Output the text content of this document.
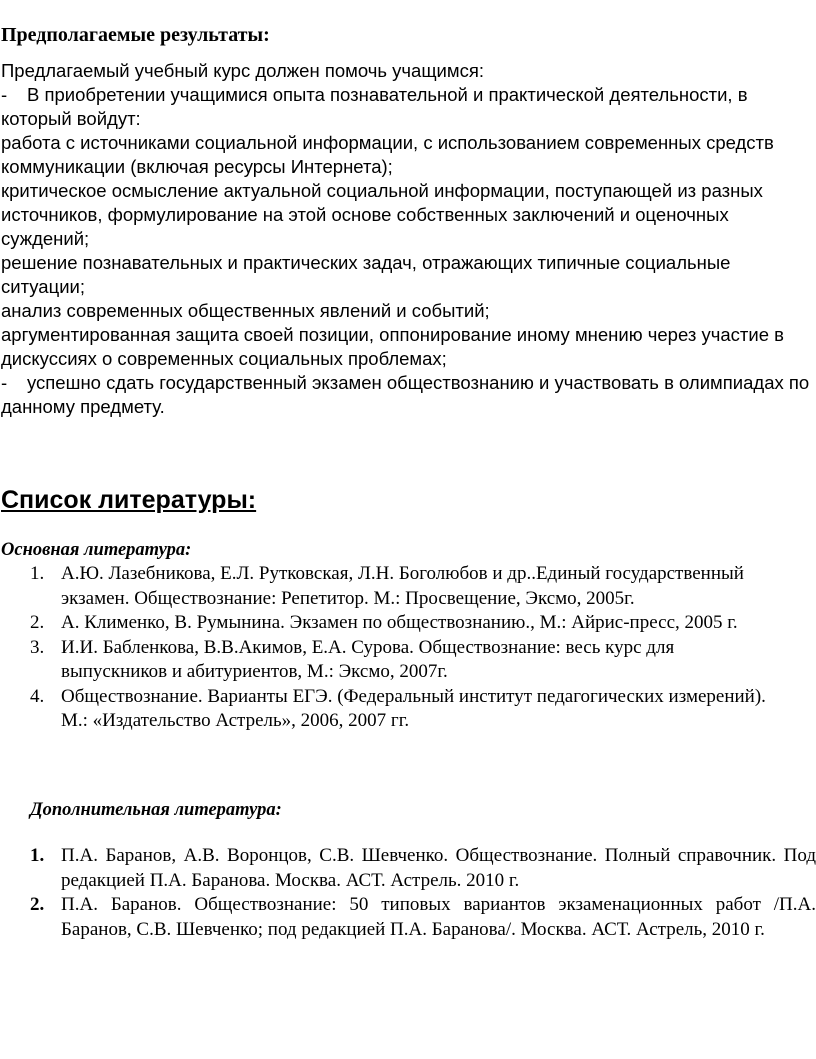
Предполагаемые результаты:

Предлагаемый учебный курс должен помочь учащимся:

- В приобретении учащимися опыта познавательной и практической деятельности, в который войдут:

работа с источниками социальной информации, с использованием современных средств коммуникации (включая ресурсы Интернета);

критическое осмысление актуальной социальной информации, поступающей из разных источников, формулирование на этой основе собственных заключений и оценочных суждений;

решение познавательных и практических задач, отражающих типичные социальные ситуации;

анализ современных общественных явлений и событий;

аргументированная защита своей позиции, оппонирование иному мнению через участие в дискуссиях о современных социальных проблемах;

- успешно сдать государственный экзамен обществознанию и участвовать в олимпиадах по данному предмету.

Список литературы:

Основная литература:

1. А.Ю. Лазебникова, Е.Л. Рутковская, Л.Н. Боголюбов и др..Единый государственный экзамен. Обществознание: Репетитор. М.: Просвещение, Эксмо, 2005г.
2. А. Клименко, В. Румынина. Экзамен по обществознанию., М.: Айрис-пресс, 2005 г.
3. И.И. Бабленкова, В.В.Акимов, Е.А. Сурова. Обществознание: весь курс для выпускников и абитуриентов, М.: Эксмо, 2007г.
4. Обществознание. Варианты ЕГЭ. (Федеральный институт педагогических измерений). М.: «Издательство Астрель», 2006, 2007 гг.

Дополнительная литература:

1. П.А. Баранов, А.В. Воронцов, С.В. Шевченко. Обществознание. Полный справочник. Под редакцией П.А. Баранова. Москва. АСТ. Астрель. 2010 г.
2. П.А. Баранов. Обществознание: 50 типовых вариантов экзаменационных работ /П.А. Баранов, С.В. Шевченко; под редакцией П.А. Баранова/. Москва. АСТ. Астрель, 2010 г.
